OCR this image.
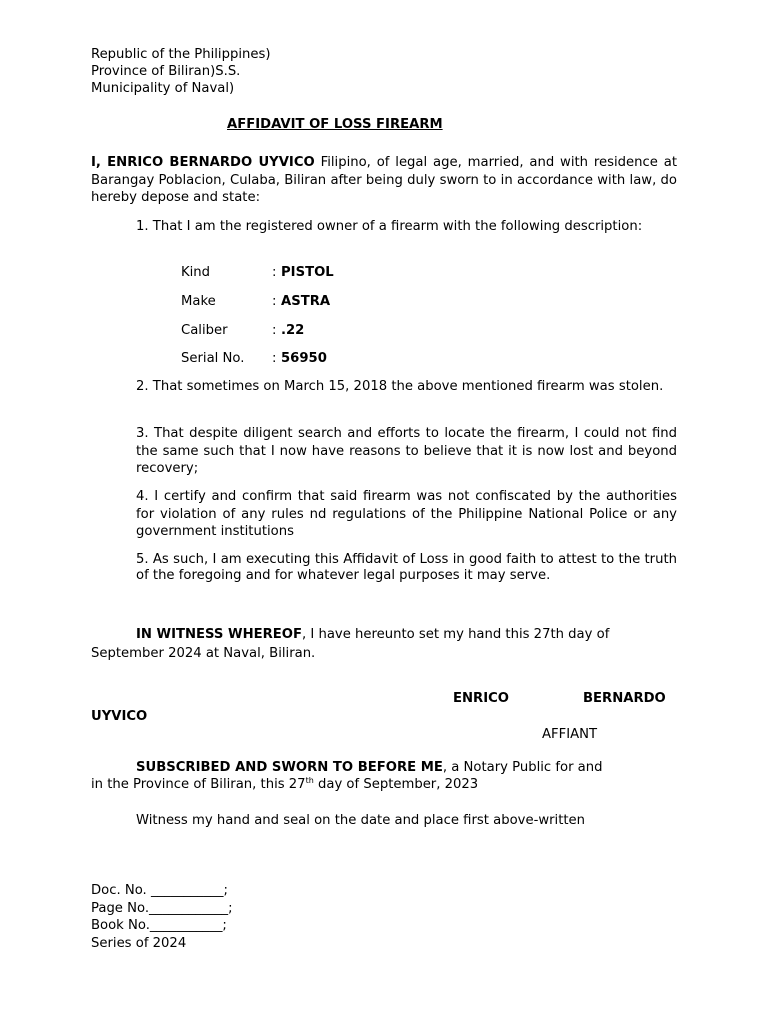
Republic of the Philippines)

Province of Biliran)S.S.

Municipality of Naval)

AFFIDAVIT OF LOSS FIREARM

I, ENRICO BERNARDO UYVICO Filipino, of legal age, married, and with residence at Barangay Poblacion, Culaba, Biliran after being duly sworn to in accordance with law, do hereby depose and state:

1. That I am the registered owner of a firearm with the following description:

Kind	: PISTOL
Make	: ASTRA
Caliber	: .22
Serial No. : 56950

2. That sometimes on March 15, 2018 the above mentioned firearm was stolen.

3. That despite diligent search and efforts to locate the firearm, I could not find the same such that I now have reasons to believe that it is now lost and beyond recovery;

4. I certify and confirm that said firearm was not confiscated by the authorities for violation of any rules nd regulations of the Philippine National Police or any government institutions

5. As such, I am executing this Affidavit of Loss in good faith to attest to the truth of the foregoing and for whatever legal purposes it may serve.

IN WITNESS WHEREOF, I have hereunto set my hand this 27th day of

September 2024 at Naval, Biliran.

ENRICO	BERNARDO

UYVICO

AFFIANT

SUBSCRIBED AND SWORN TO BEFORE ME, a Notary Public for and

in the Province of Biliran, this 27th day of September, 2023

Witness my hand and seal on the date and place first above-written

Doc. No. ___________;

Page No.____________;

Book No.___________;

Series of 2024
